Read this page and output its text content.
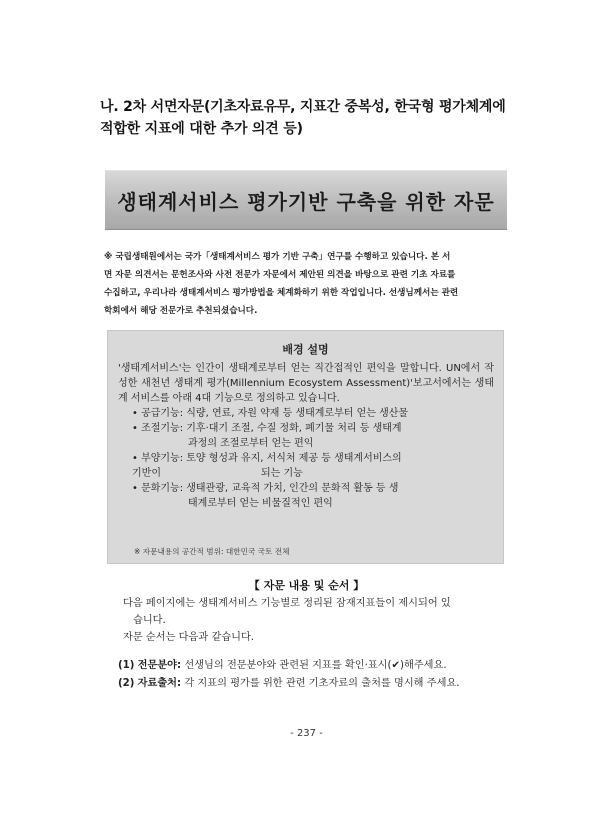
나. 2차 서면자문(기초자료유무, 지표간 중복성, 한국형 평가체계에
적합한 지표에 대한 추가 의견 등)
생태계서비스 평가기반 구축을 위한 자문
※ 국립생태원에서는 국가「생태계서비스 평가 기반 구축」연구를 수행하고 있습니다. 본 서
면 자문 의견서는 문헌조사와 사전 전문가 자문에서 제안된 의견을 바탕으로 관련 기초 자료를
수집하고, 우리나라 생태계서비스 평가방법을 체계화하기 위한 작업입니다. 선생님께서는 관련
학회에서 해당 전문가로 추천되셨습니다.
배경 설명
'생태계서비스'는 인간이 생태계로부터 얻는 직간접적인 편익을 말합니다. UN에서 작성한 새천년 생태계 평가(Millennium Ecosystem Assessment)'보고서에서는 생태계 서비스를 아래 4대 기능으로 정의하고 있습니다.
• 공급기능: 식량, 연료, 자원 약재 등 생태계로부터 얻는 생산물
• 조절기능: 기후·대기 조절, 수질 정화, 폐기물 처리 등 생태계
과정의 조절로부터 얻는 편익
• 부양기능: 토양 형성과 유지, 서식처 제공 등 생태계서비스의
기반이	되는 기능
• 문화기능: 생태관광, 교육적 가치, 인간의 문화적 활동 등 생
태계로부터 얻는 비물질적인 편익
※ 자문내용의 공간적 범위: 대한민국 국토 전체
【 자문 내용 및 순서 】
다음 페이지에는 생태계서비스 기능별로 정리된 잠재지표들이 제시되어 있
습니다.
자문 순서는 다음과 같습니다.
(1) 전문분야: 선생님의 전문분야와 관련된 지표를 확인·표시(✔)해주세요.
(2) 자료출처: 각 지표의 평가를 위한 관련 기초자료의 출처를 명시해 주세요.
- 237 -
